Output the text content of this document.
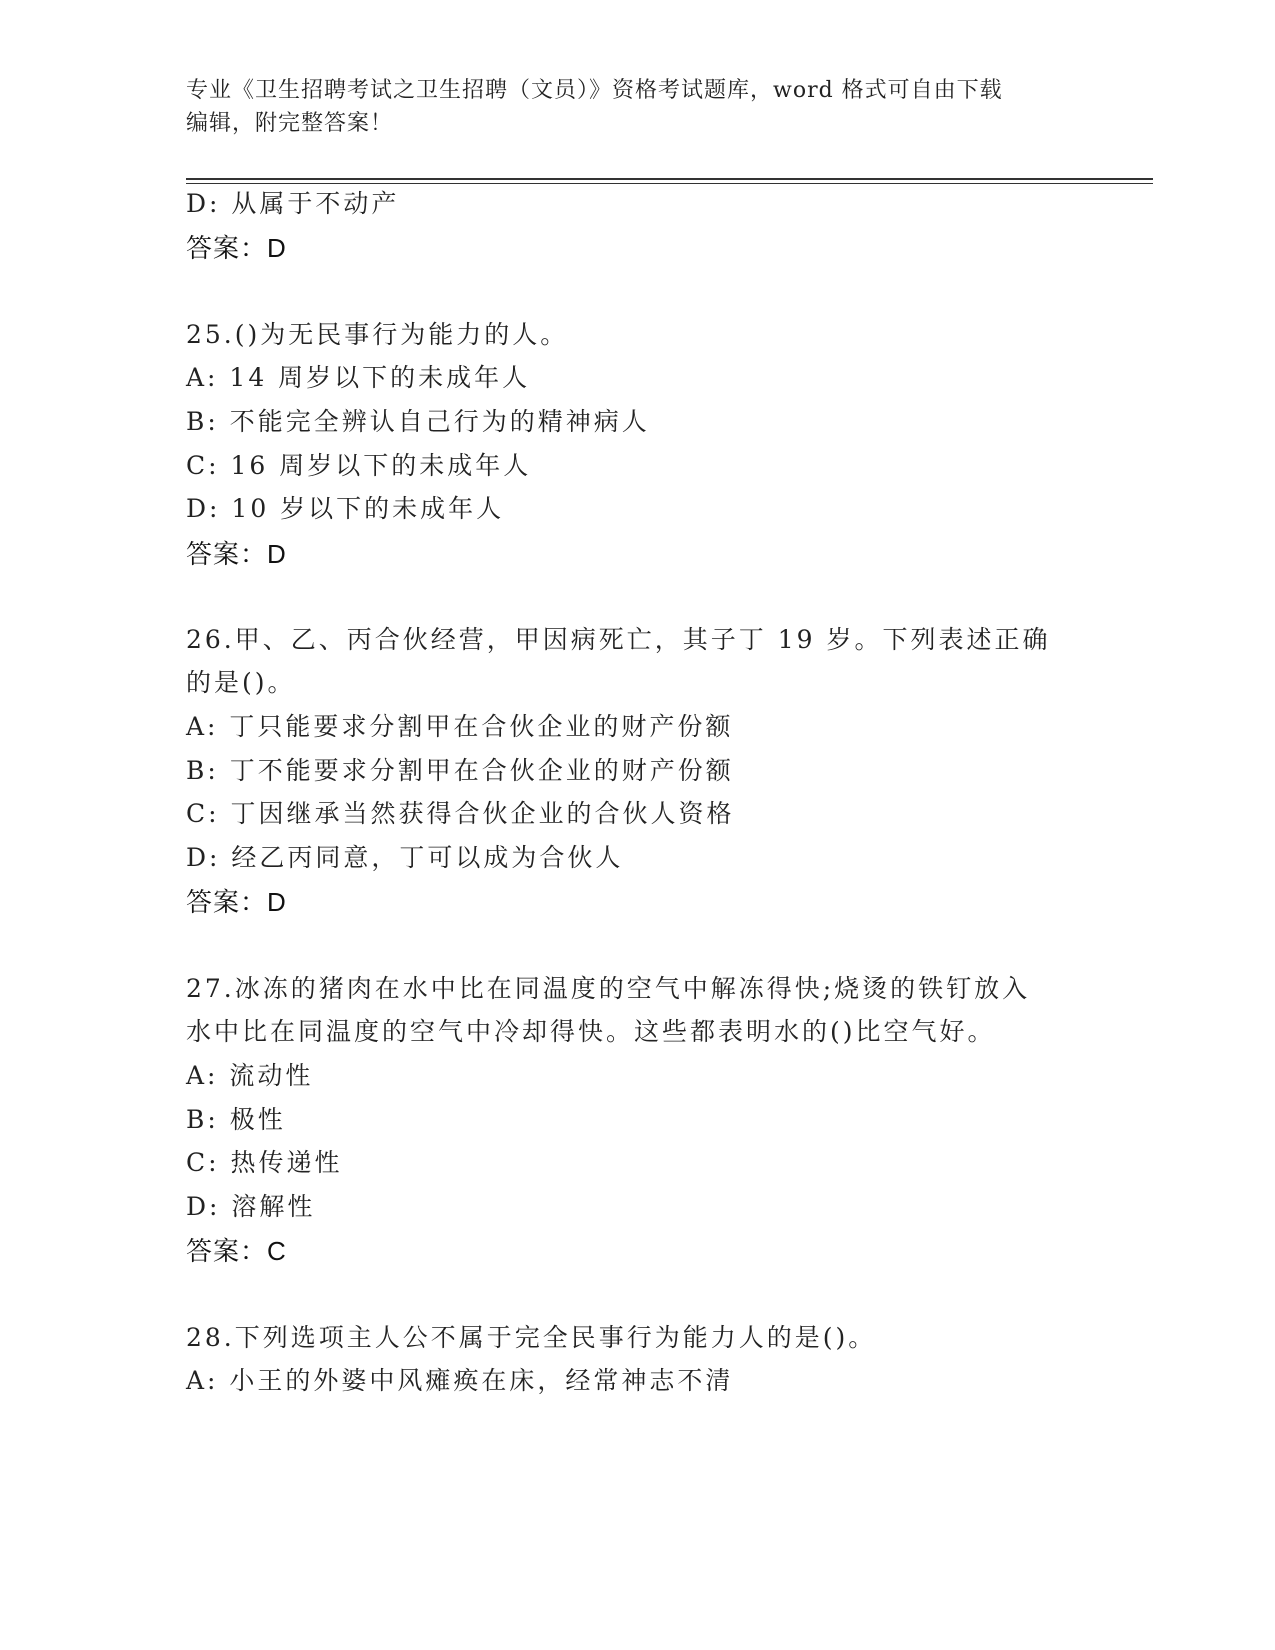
专业《卫生招聘考试之卫生招聘（文员）》资格考试题库，word 格式可自由下载
编辑，附完整答案！
D: 从属于不动产
答案：D
25.()为无民事行为能力的人。
A: 14 周岁以下的未成年人
B: 不能完全辨认自己行为的精神病人
C: 16 周岁以下的未成年人
D: 10 岁以下的未成年人
答案：D
26.甲、乙、丙合伙经营，甲因病死亡，其子丁 19 岁。下列表述正确
的是()。
A: 丁只能要求分割甲在合伙企业的财产份额
B: 丁不能要求分割甲在合伙企业的财产份额
C: 丁因继承当然获得合伙企业的合伙人资格
D: 经乙丙同意，丁可以成为合伙人
答案：D
27.冰冻的猪肉在水中比在同温度的空气中解冻得快;烧烫的铁钉放入
水中比在同温度的空气中冷却得快。这些都表明水的()比空气好。
A: 流动性
B: 极性
C: 热传递性
D: 溶解性
答案：C
28.下列选项主人公不属于完全民事行为能力人的是()。
A: 小王的外婆中风瘫痪在床，经常神志不清
